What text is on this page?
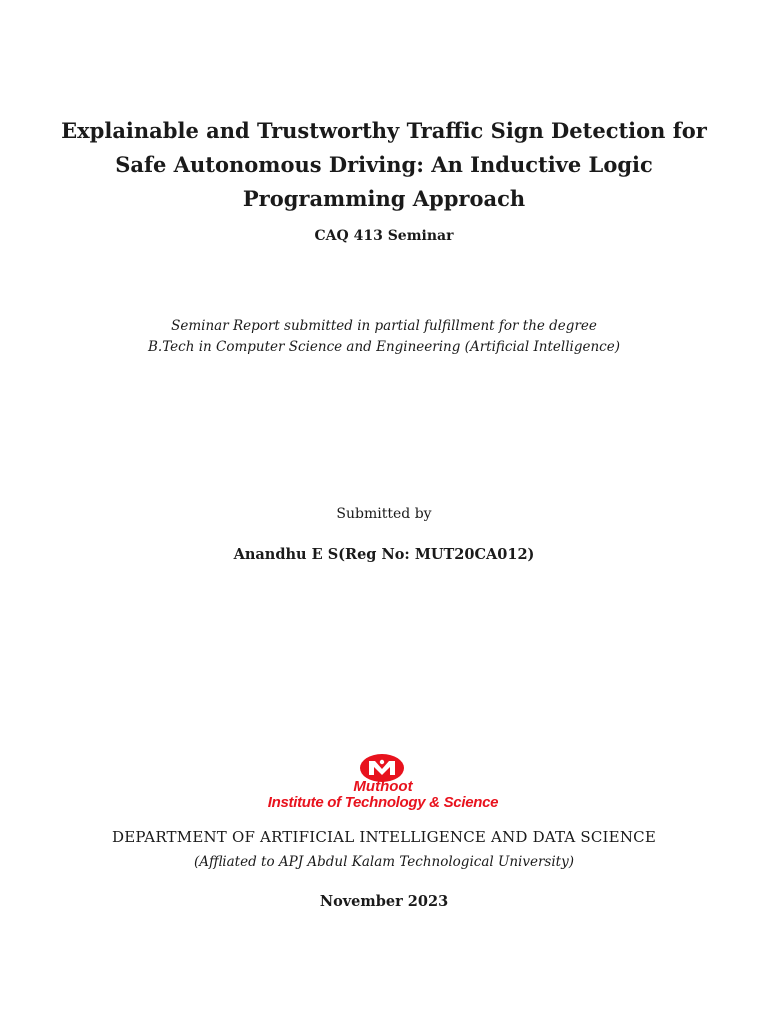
Explainable and Trustworthy Traffic Sign Detection for
Safe Autonomous Driving: An Inductive Logic
Programming Approach
CAQ 413 Seminar
Seminar Report submitted in partial fulfillment for the degree
B.Tech in Computer Science and Engineering (Artificial Intelligence)
Submitted by
Anandhu E S(Reg No: MUT20CA012)
Muthoot
Institute of Technology & Science
DEPARTMENT OF ARTIFICIAL INTELLIGENCE AND DATA SCIENCE
(Affliated to APJ Abdul Kalam Technological University)
November 2023
